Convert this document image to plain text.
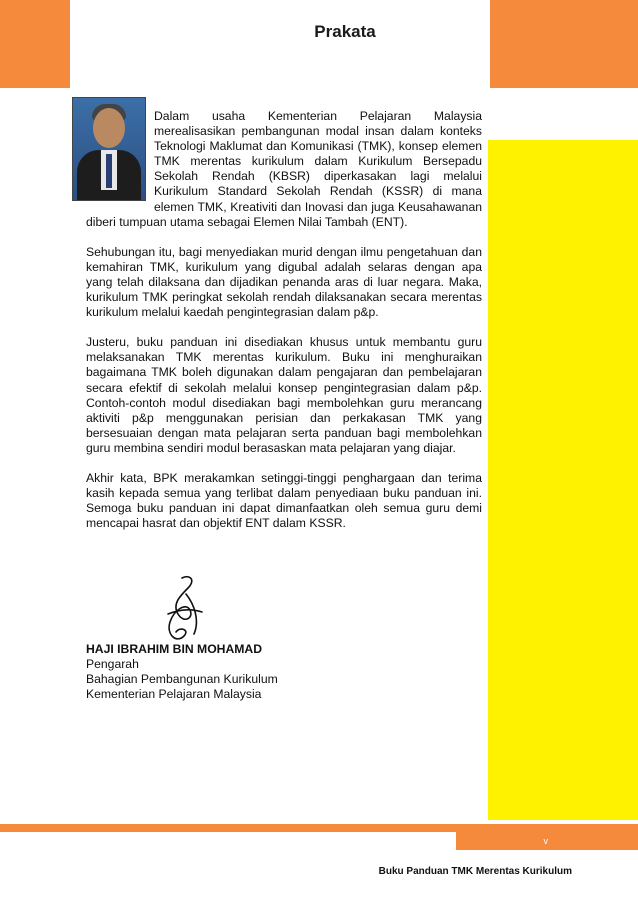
Prakata

Dalam usaha Kementerian Pelajaran Malaysia merealisasikan pembangunan modal insan dalam konteks Teknologi Maklumat dan Komunikasi (TMK), konsep elemen TMK merentas kurikulum dalam Kurikulum Bersepadu Sekolah Rendah (KBSR) diperkasakan lagi melalui Kurikulum Standard Sekolah Rendah (KSSR) di mana elemen TMK, Kreativiti dan Inovasi dan juga Keusahawanan diberi tumpuan utama sebagai Elemen Nilai Tambah (ENT).

Sehubungan itu, bagi menyediakan murid dengan ilmu pengetahuan dan kemahiran TMK, kurikulum yang digubal adalah selaras dengan apa yang telah dilaksana dan dijadikan penanda aras di luar negara. Maka, kurikulum TMK peringkat sekolah rendah dilaksanakan secara merentas kurikulum melalui kaedah pengintegrasian dalam p&p.

Justeru, buku panduan ini disediakan khusus untuk membantu guru melaksanakan TMK merentas kurikulum. Buku ini menghuraikan bagaimana TMK boleh digunakan dalam pengajaran dan pembelajaran secara efektif di sekolah melalui konsep pengintegrasian dalam p&p. Contoh-contoh modul disediakan bagi membolehkan guru merancang aktiviti p&p menggunakan perisian dan perkakasan TMK yang bersesuaian dengan mata pelajaran serta panduan bagi membolehkan guru membina sendiri modul berasaskan mata pelajaran yang diajar.

Akhir kata, BPK merakamkan setinggi-tinggi penghargaan dan terima kasih kepada semua yang terlibat dalam penyediaan buku panduan ini. Semoga buku panduan ini dapat dimanfaatkan oleh semua guru demi mencapai hasrat dan objektif ENT dalam KSSR.

HAJI IBRAHIM BIN MOHAMAD
Pengarah
Bahagian Pembangunan Kurikulum
Kementerian Pelajaran Malaysia
v
Buku Panduan TMK Merentas Kurikulum
